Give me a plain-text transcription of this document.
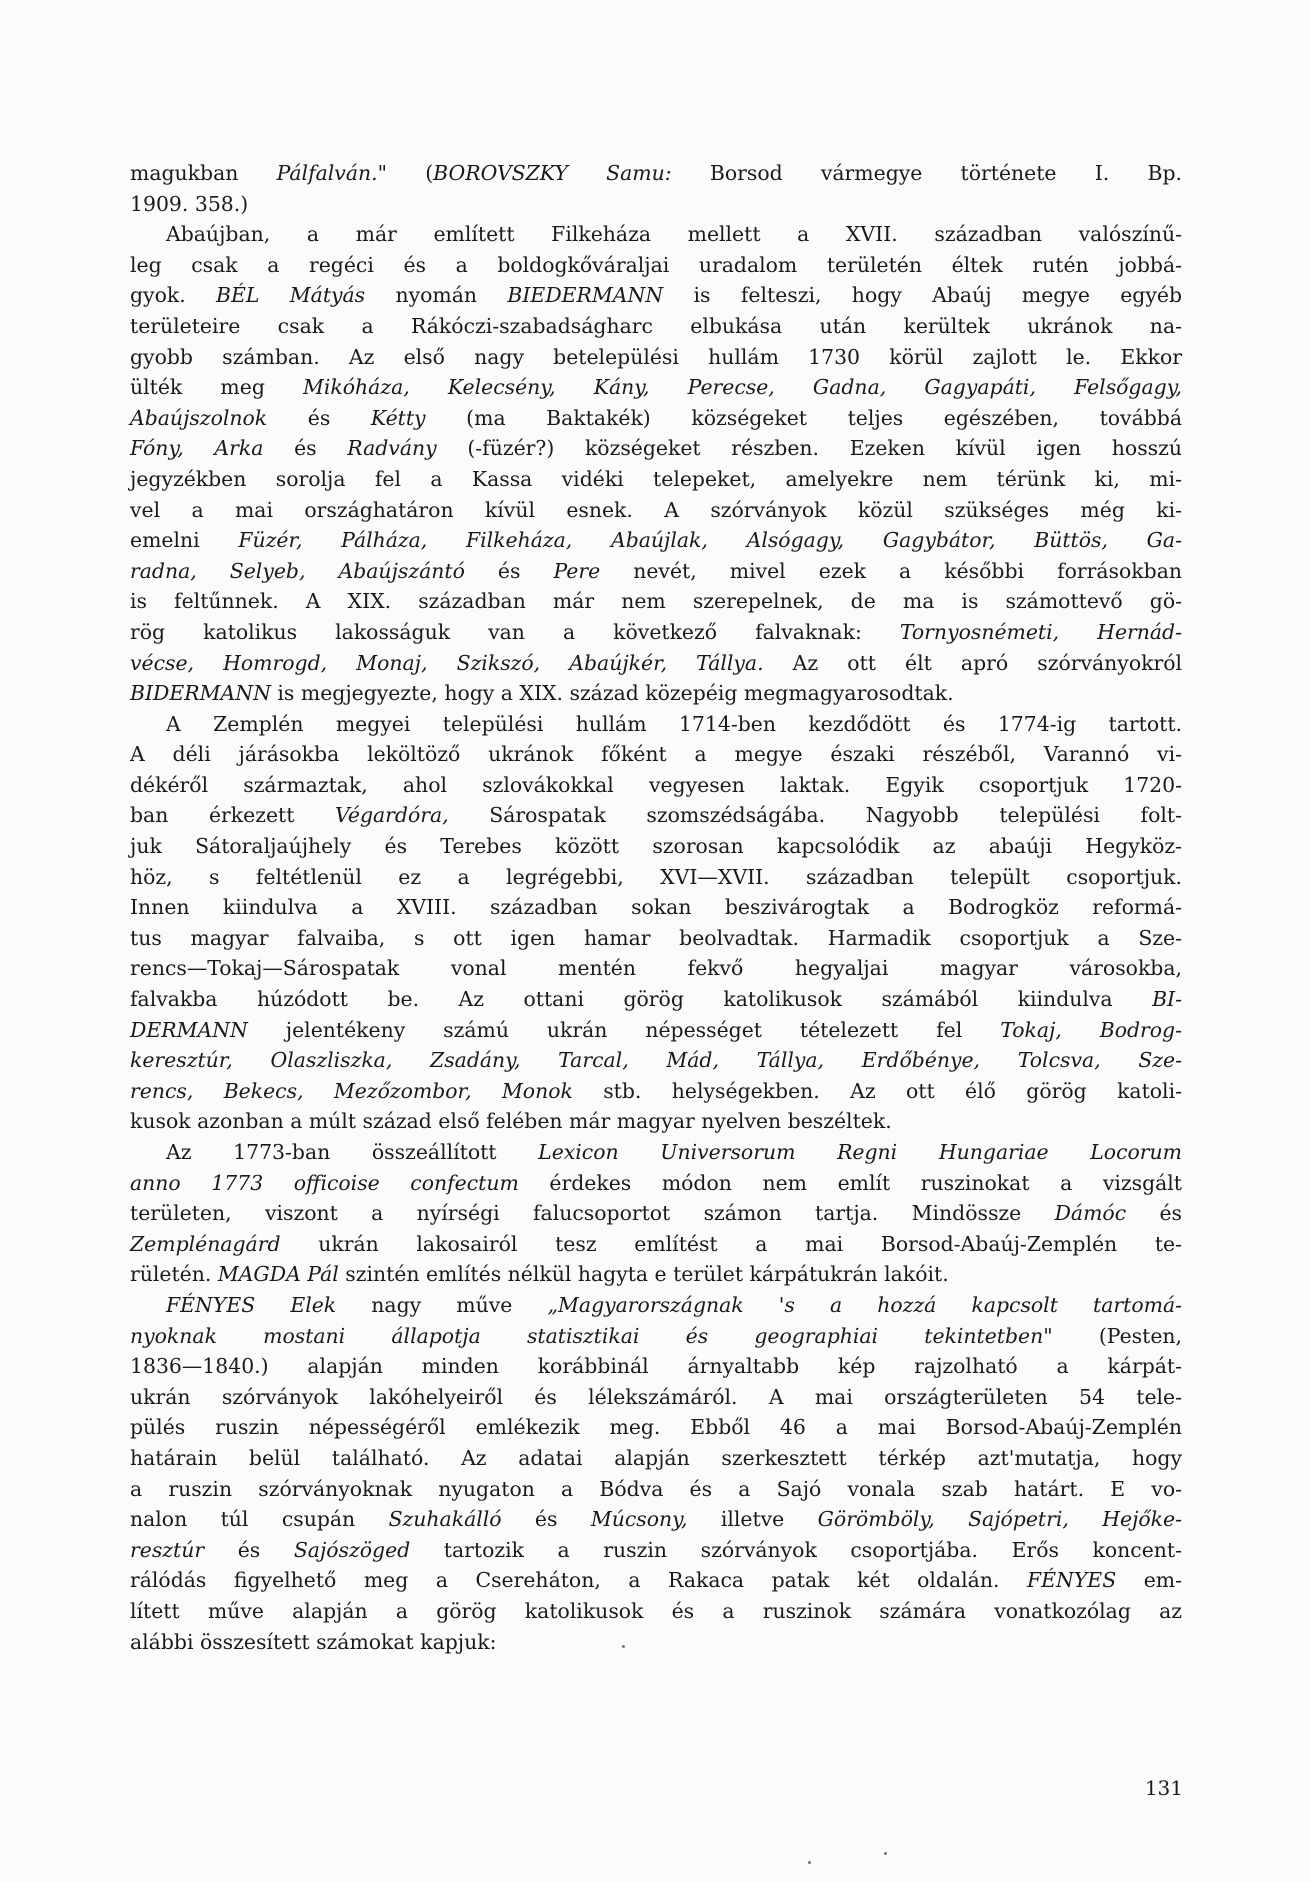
magukban Pálfalván." (BOROVSZKY Samu: Borsod vármegye története I. Bp.
1909. 358.)
Abaújban, a már említett Filkeháza mellett a XVII. században valószínű-
leg csak a regéci és a boldogkőváraljai uradalom területén éltek rutén jobbá-
gyok. BÉL Mátyás nyomán BIEDERMANN is felteszi, hogy Abaúj megye egyéb
területeire csak a Rákóczi-szabadságharc elbukása után kerültek ukránok na-
gyobb számban. Az első nagy betelepülési hullám 1730 körül zajlott le. Ekkor
ülték meg Mikóháza, Kelecsény, Kány, Perecse, Gadna, Gagyapáti, Felsőgagy,
Abaújszolnok és Kétty (ma Baktakék) községeket teljes egészében, továbbá
Fóny, Arka és Radvány (-füzér?) községeket részben. Ezeken kívül igen hosszú
jegyzékben sorolja fel a Kassa vidéki telepeket, amelyekre nem térünk ki, mi-
vel a mai országhatáron kívül esnek. A szórványok közül szükséges még ki-
emelni Füzér, Pálháza, Filkeháza, Abaújlak, Alsógagy, Gagybátor, Büttös, Ga-
radna, Selyeb, Abaújszántó és Pere nevét, mivel ezek a későbbi forrásokban
is feltűnnek. A XIX. században már nem szerepelnek, de ma is számottevő gö-
rög katolikus lakosságuk van a következő falvaknak: Tornyosnémeti, Hernád-
vécse, Homrogd, Monaj, Szikszó, Abaújkér, Tállya. Az ott élt apró szórványokról
BIDERMANN is megjegyezte, hogy a XIX. század közepéig megmagyarosodtak.
A Zemplén megyei települési hullám 1714-ben kezdődött és 1774-ig tartott.
A déli járásokba leköltöző ukránok főként a megye északi részéből, Varannó vi-
dékéről származtak, ahol szlovákokkal vegyesen laktak. Egyik csoportjuk 1720-
ban érkezett Végardóra, Sárospatak szomszédságába. Nagyobb települési folt-
juk Sátoraljaújhely és Terebes között szorosan kapcsolódik az abaúji Hegyköz-
höz, s feltétlenül ez a legrégebbi, XVI—XVII. században települt csoportjuk.
Innen kiindulva a XVIII. században sokan beszivárogtak a Bodrogköz reformá-
tus magyar falvaiba, s ott igen hamar beolvadtak. Harmadik csoportjuk a Sze-
rencs—Tokaj—Sárospatak vonal mentén fekvő hegyaljai magyar városokba,
falvakba húzódott be. Az ottani görög katolikusok számából kiindulva BI-
DERMANN jelentékeny számú ukrán népességet tételezett fel Tokaj, Bodrog-
keresztúr, Olaszliszka, Zsadány, Tarcal, Mád, Tállya, Erdőbénye, Tolcsva, Sze-
rencs, Bekecs, Mezőzombor, Monok stb. helységekben. Az ott élő görög katoli-
kusok azonban a múlt század első felében már magyar nyelven beszéltek.
Az 1773-ban összeállított Lexicon Universorum Regni Hungariae Locorum
anno 1773 officoise confectum érdekes módon nem említ ruszinokat a vizsgált
területen, viszont a nyírségi falucsoportot számon tartja. Mindössze Dámóc és
Zemplénagárd ukrán lakosairól tesz említést a mai Borsod-Abaúj-Zemplén te-
rületén. MAGDA Pál szintén említés nélkül hagyta e terület kárpátukrán lakóit.
FÉNYES Elek nagy műve „Magyarországnak 's a hozzá kapcsolt tartomá-
nyoknak mostani állapotja statisztikai és geographiai tekintetben" (Pesten,
1836—1840.) alapján minden korábbinál árnyaltabb kép rajzolható a kárpát-
ukrán szórványok lakóhelyeiről és lélekszámáról. A mai országterületen 54 tele-
pülés ruszin népességéről emlékezik meg. Ebből 46 a mai Borsod-Abaúj-Zemplén
határain belül található. Az adatai alapján szerkesztett térkép azt'mutatja, hogy
a ruszin szórványoknak nyugaton a Bódva és a Sajó vonala szab határt. E vo-
nalon túl csupán Szuhakálló és Múcsony, illetve Görömböly, Sajópetri, Hejőke-
resztúr és Sajószöged tartozik a ruszin szórványok csoportjába. Erős koncent-
rálódás figyelhető meg a Csereháton, a Rakaca patak két oldalán. FÉNYES em-
lített műve alapján a görög katolikusok és a ruszinok számára vonatkozólag az
alábbi összesített számokat kapjuk:
131
